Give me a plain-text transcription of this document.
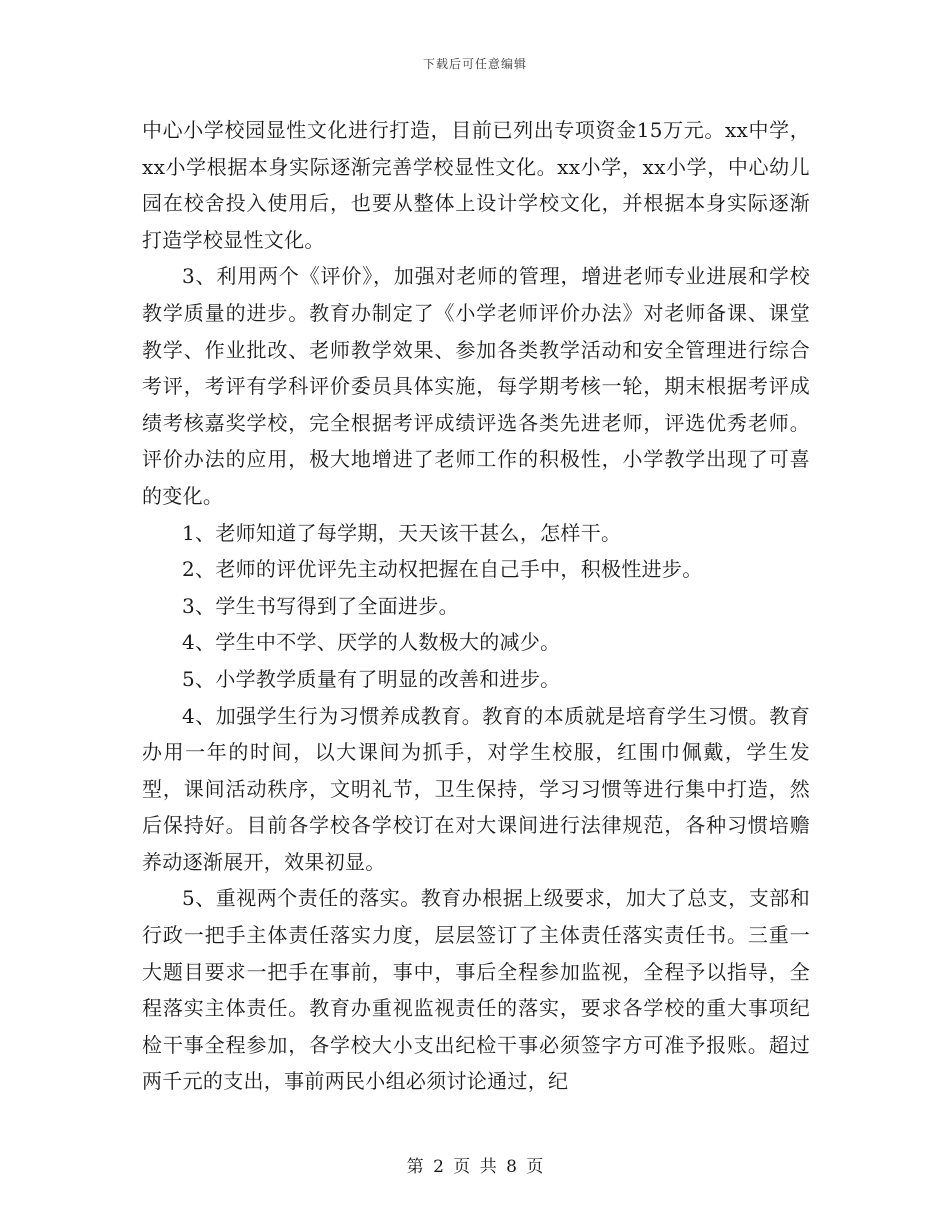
下载后可任意编辑

中心小学校园显性文化进行打造，目前已列出专项资金15万元。xx中学，xx小学根据本身实际逐渐完善学校显性文化。xx小学，xx小学，中心幼儿园在校舍投入使用后，也要从整体上设计学校文化，并根据本身实际逐渐打造学校显性文化。

3、利用两个《评价》，加强对老师的管理，增进老师专业进展和学校教学质量的进步。教育办制定了《小学老师评价办法》对老师备课、课堂教学、作业批改、老师教学效果、参加各类教学活动和安全管理进行综合考评，考评有学科评价委员具体实施，每学期考核一轮，期末根据考评成绩考核嘉奖学校，完全根据考评成绩评选各类先进老师，评选优秀老师。评价办法的应用，极大地增进了老师工作的积极性，小学教学出现了可喜的变化。

1、老师知道了每学期，天天该干甚么，怎样干。

2、老师的评优评先主动权把握在自己手中，积极性进步。

3、学生书写得到了全面进步。

4、学生中不学、厌学的人数极大的减少。

5、小学教学质量有了明显的改善和进步。

4、加强学生行为习惯养成教育。教育的本质就是培育学生习惯。教育办用一年的时间，以大课间为抓手，对学生校服，红围巾佩戴，学生发型，课间活动秩序，文明礼节，卫生保持，学习习惯等进行集中打造，然后保持好。目前各学校各学校订在对大课间进行法律规范，各种习惯培赡养动逐渐展开，效果初显。

5、重视两个责任的落实。教育办根据上级要求，加大了总支，支部和行政一把手主体责任落实力度，层层签订了主体责任落实责任书。三重一大题目要求一把手在事前，事中，事后全程参加监视，全程予以指导，全程落实主体责任。教育办重视监视责任的落实，要求各学校的重大事项纪检干事全程参加，各学校大小支出纪检干事必须签字方可准予报账。超过两千元的支出，事前两民小组必须讨论通过，纪

第 2 页 共 8 页
